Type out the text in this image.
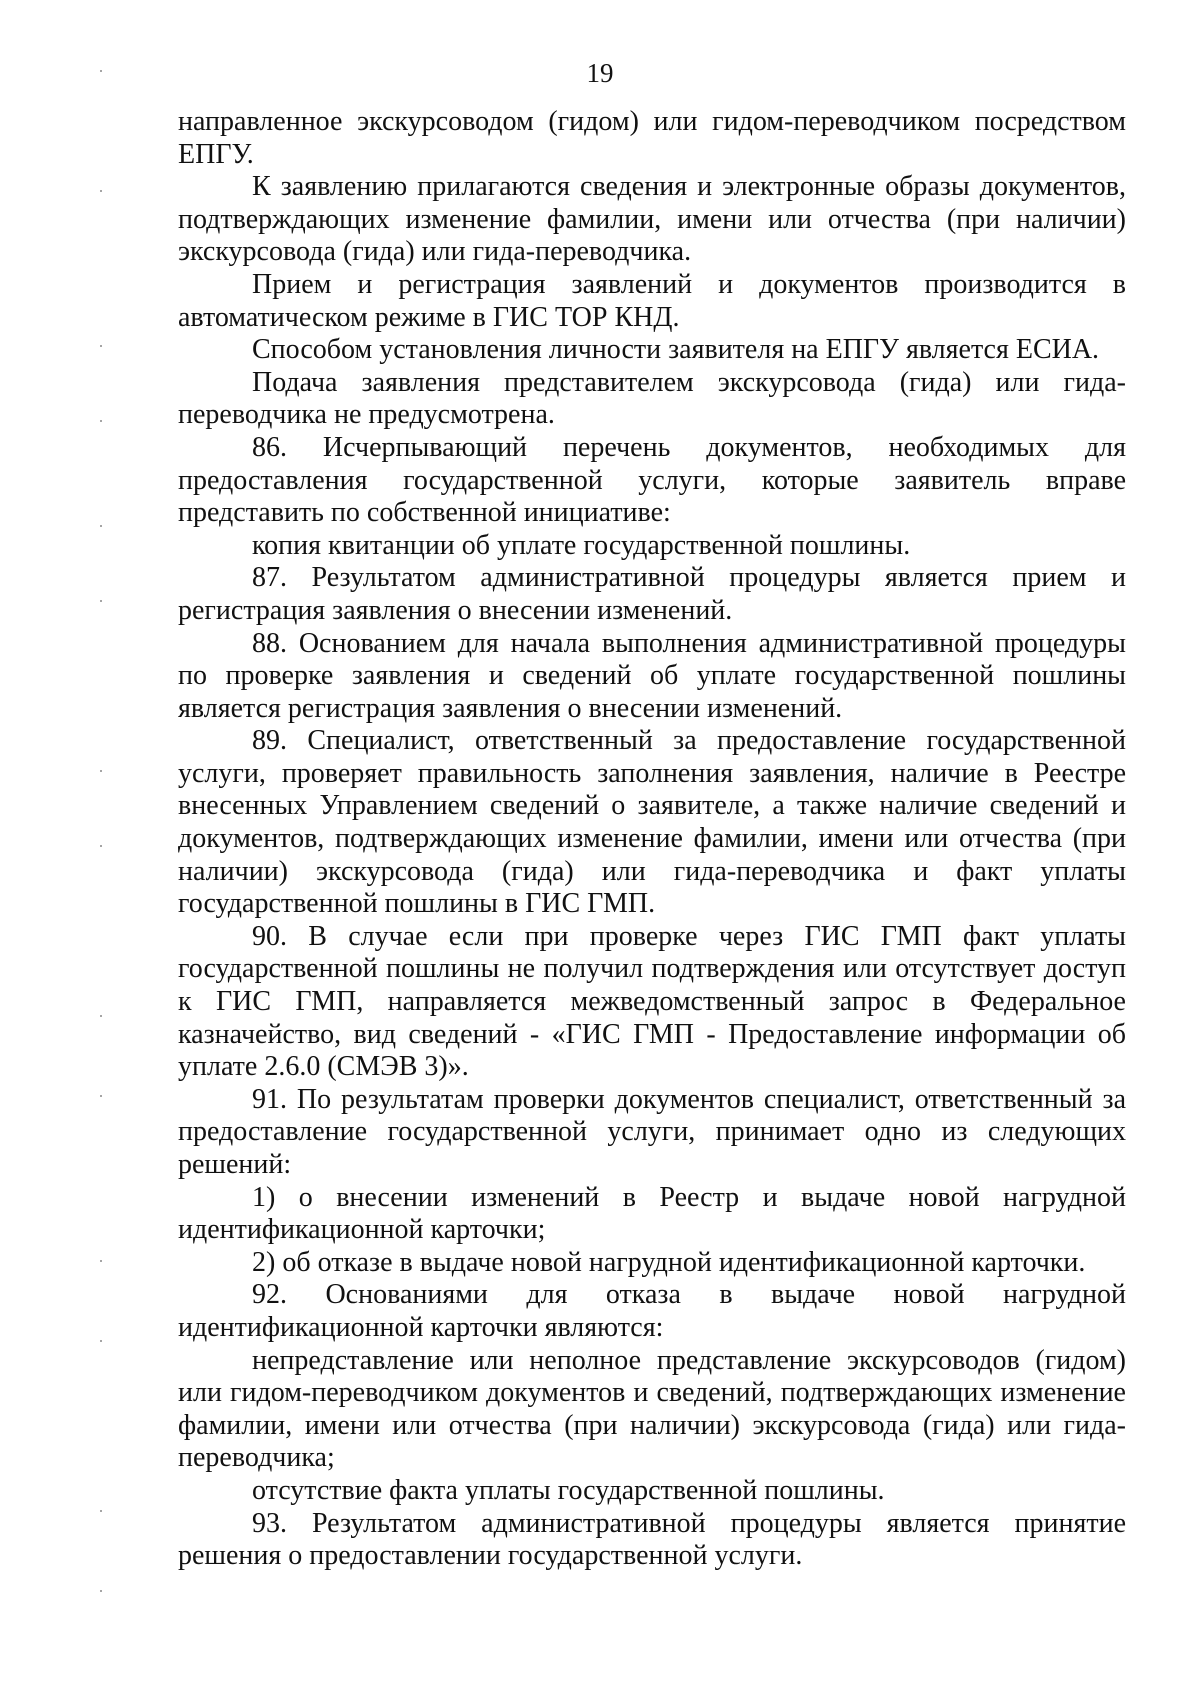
19

направленное экскурсоводом (гидом) или гидом-переводчиком посредством ЕПГУ.

К заявлению прилагаются сведения и электронные образы документов, подтверждающих изменение фамилии, имени или отчества (при наличии) экскурсовода (гида) или гида-переводчика.

Прием и регистрация заявлений и документов производится в автоматическом режиме в ГИС ТОР КНД.

Способом установления личности заявителя на ЕПГУ является ЕСИА.

Подача заявления представителем экскурсовода (гида) или гида-переводчика не предусмотрена.

86. Исчерпывающий перечень документов, необходимых для предоставления государственной услуги, которые заявитель вправе представить по собственной инициативе:

копия квитанции об уплате государственной пошлины.

87. Результатом административной процедуры является прием и регистрация заявления о внесении изменений.

88. Основанием для начала выполнения административной процедуры по проверке заявления и сведений об уплате государственной пошлины является регистрация заявления о внесении изменений.

89. Специалист, ответственный за предоставление государственной услуги, проверяет правильность заполнения заявления, наличие в Реестре внесенных Управлением сведений о заявителе, а также наличие сведений и документов, подтверждающих изменение фамилии, имени или отчества (при наличии) экскурсовода (гида) или гида-переводчика и факт уплаты государственной пошлины в ГИС ГМП.

90. В случае если при проверке через ГИС ГМП факт уплаты государственной пошлины не получил подтверждения или отсутствует доступ к ГИС ГМП, направляется межведомственный запрос в Федеральное казначейство, вид сведений - «ГИС ГМП - Предоставление информации об уплате 2.6.0 (СМЭВ 3)».

91. По результатам проверки документов специалист, ответственный за предоставление государственной услуги, принимает одно из следующих решений:

1) о внесении изменений в Реестр и выдаче новой нагрудной идентификационной карточки;

2) об отказе в выдаче новой нагрудной идентификационной карточки.

92. Основаниями для отказа в выдаче новой нагрудной идентификационной карточки являются:

непредставление или неполное представление экскурсоводов (гидом) или гидом-переводчиком документов и сведений, подтверждающих изменение фамилии, имени или отчества (при наличии) экскурсовода (гида) или гида-переводчика;

отсутствие факта уплаты государственной пошлины.

93. Результатом административной процедуры является принятие решения о предоставлении государственной услуги.
